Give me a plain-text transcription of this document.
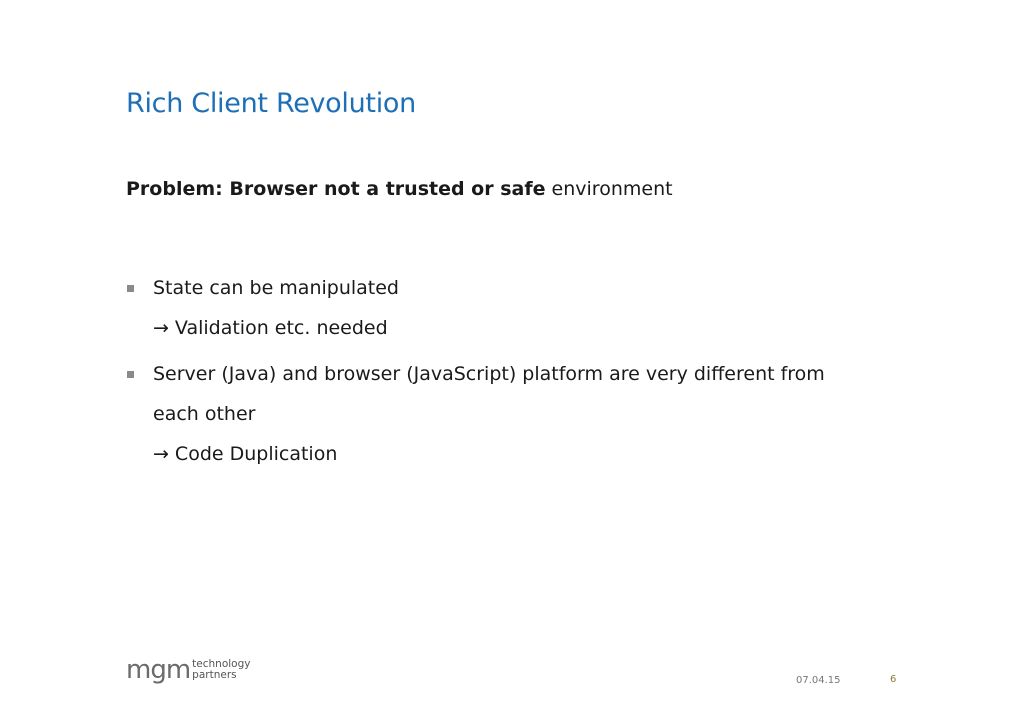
Rich Client Revolution
Problem: Browser not a trusted or safe environment
State can be manipulated
→ Validation etc. needed
Server (Java) and browser (JavaScript) platform are very different from
each other
→ Code Duplication
mgm technology
partners	07.04.15	6
